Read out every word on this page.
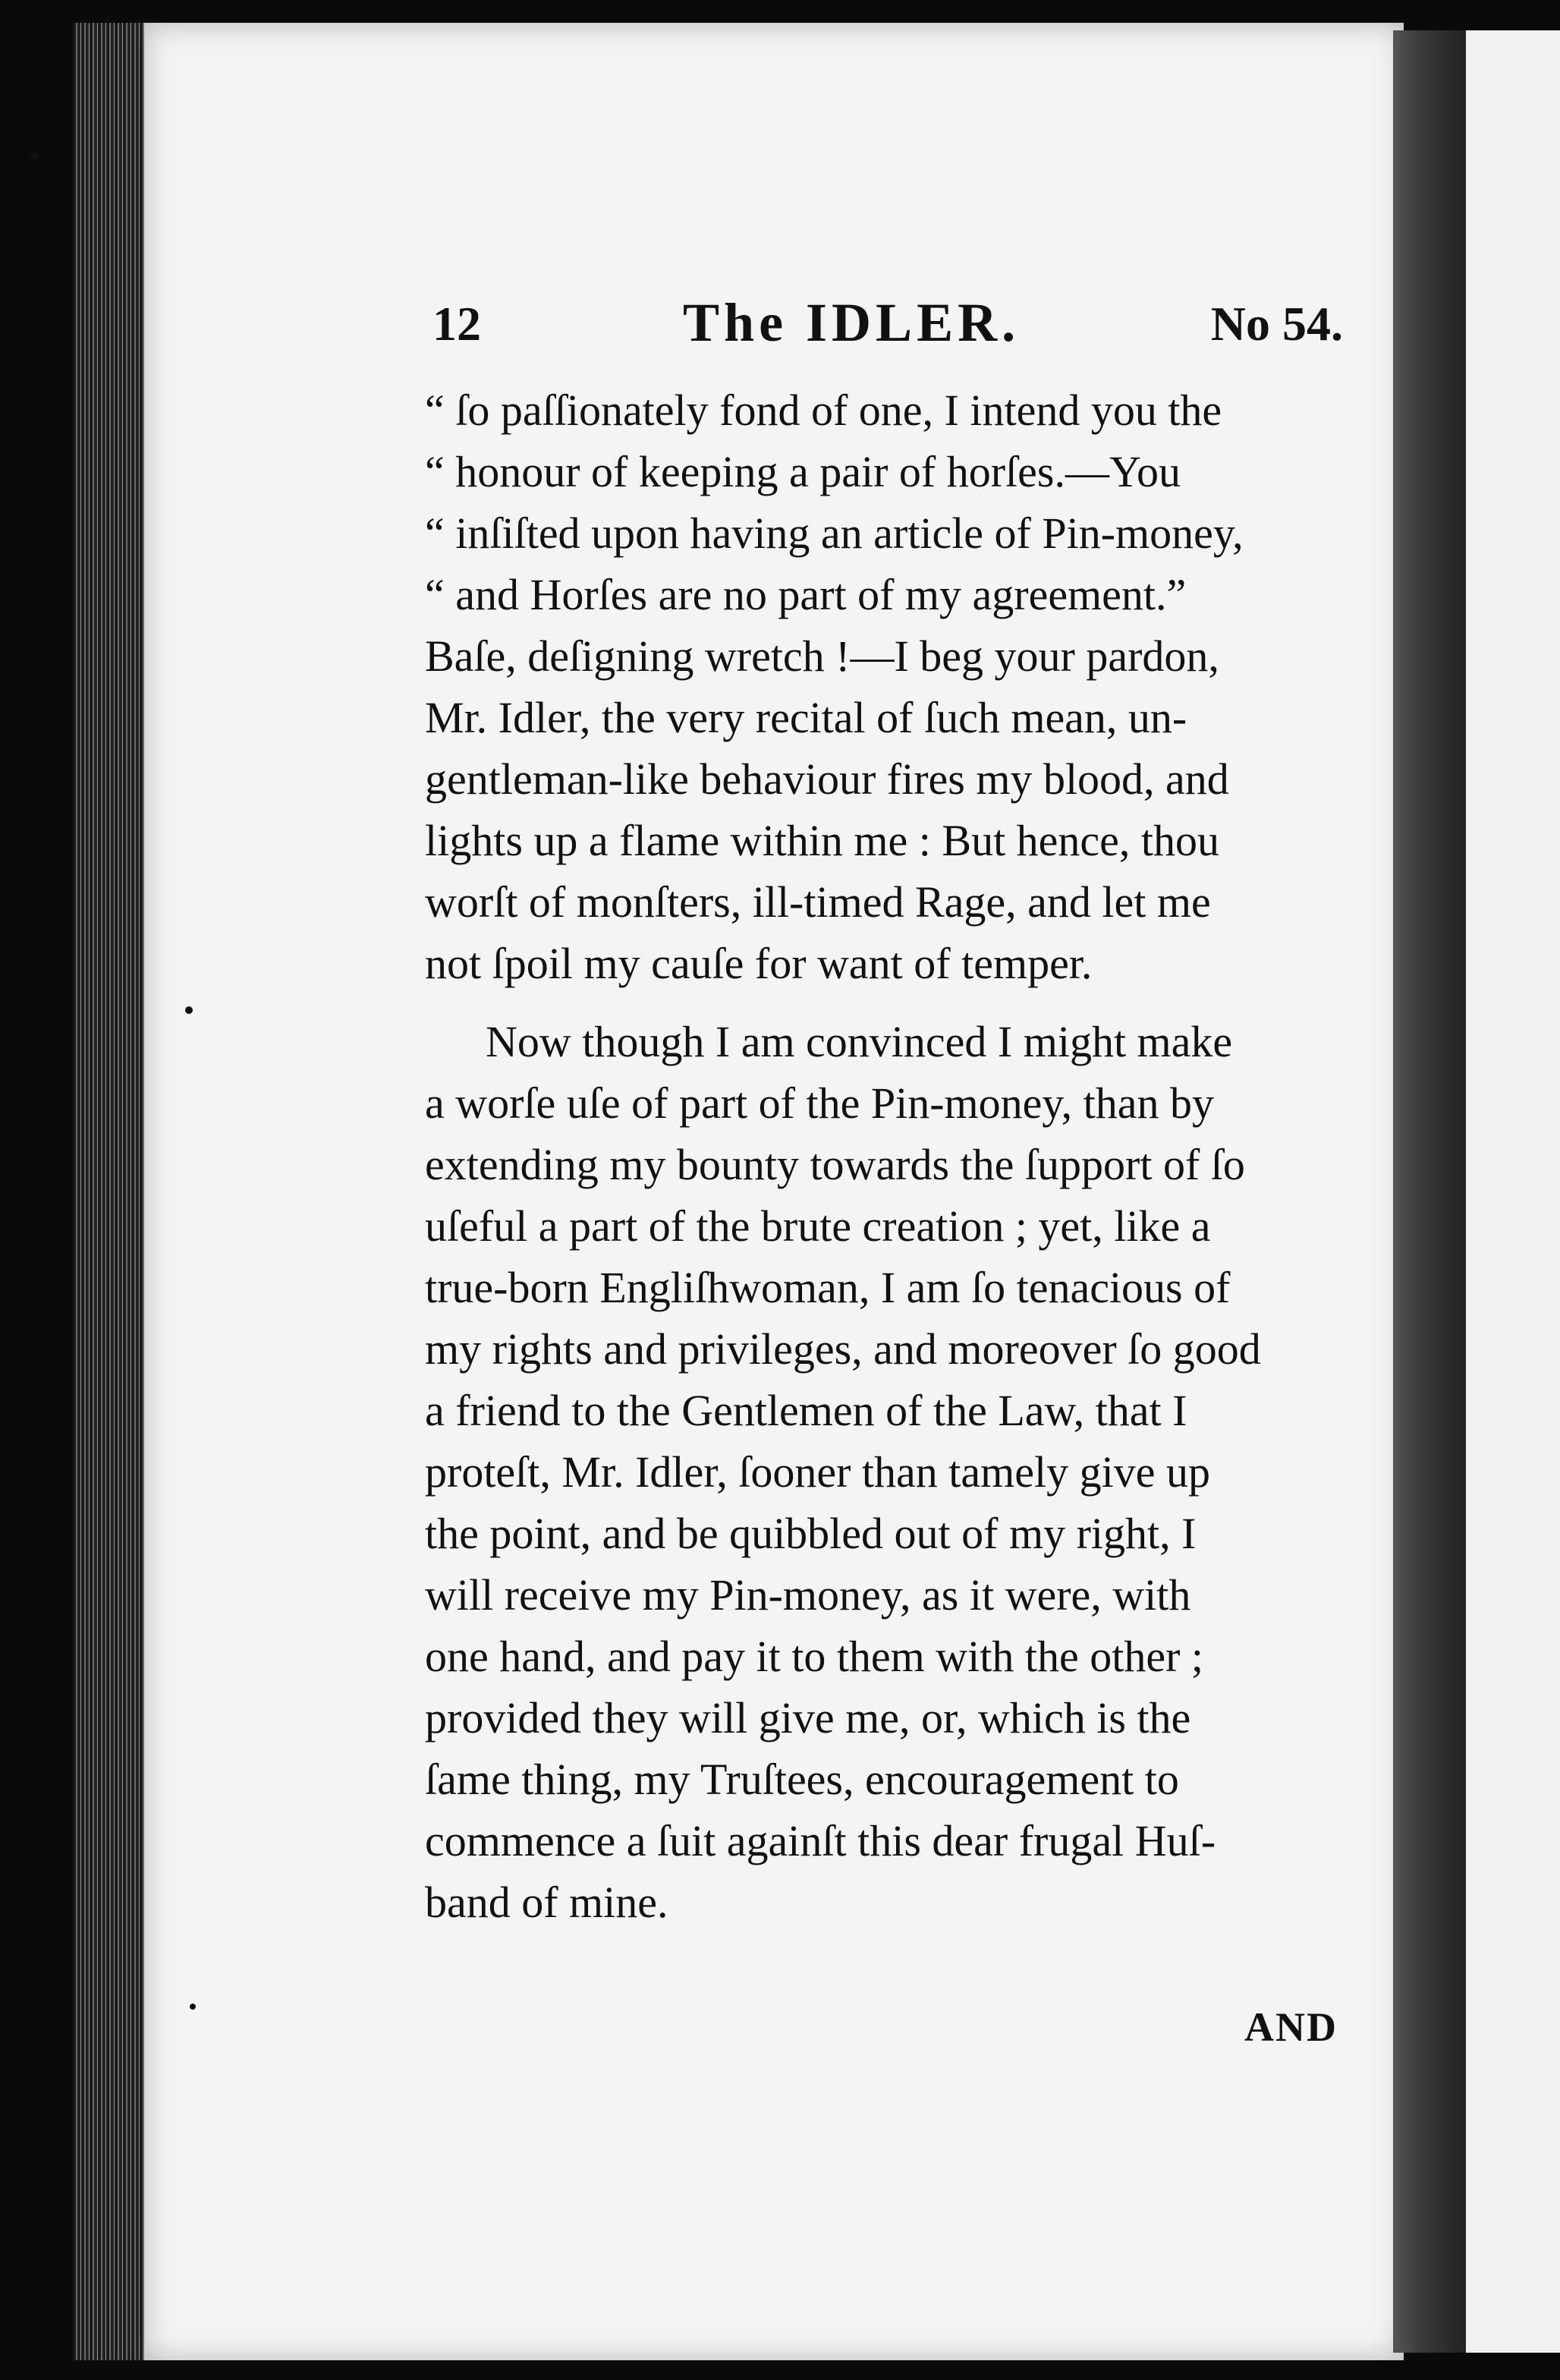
12	The IDLER.	No 54.
“ ſo paſſionately fond of one, I intend you the
“ honour of keeping a pair of horſes.—You
“ inſiſted upon having an article of Pin-money,
“ and Horſes are no part of my agreement.”
Baſe, deſigning wretch !—I beg your pardon,
Mr. Idler, the very recital of ſuch mean, un-
gentleman-like behaviour fires my blood, and
lights up a flame within me : But hence, thou
worſt of monſters, ill-timed Rage, and let me
not ſpoil my cauſe for want of temper.
Now though I am convinced I might make
a worſe uſe of part of the Pin-money, than by
extending my bounty towards the ſupport of ſo
uſeful a part of the brute creation ; yet, like a
true-born Engliſhwoman, I am ſo tenacious of
my rights and privileges, and moreover ſo good
a friend to the Gentlemen of the Law, that I
proteſt, Mr. Idler, ſooner than tamely give up
the point, and be quibbled out of my right, I
will receive my Pin-money, as it were, with
one hand, and pay it to them with the other ;
provided they will give me, or, which is the
ſame thing, my Truſtees, encouragement to
commence a ſuit againſt this dear frugal Huſ-
band of mine.
AND
